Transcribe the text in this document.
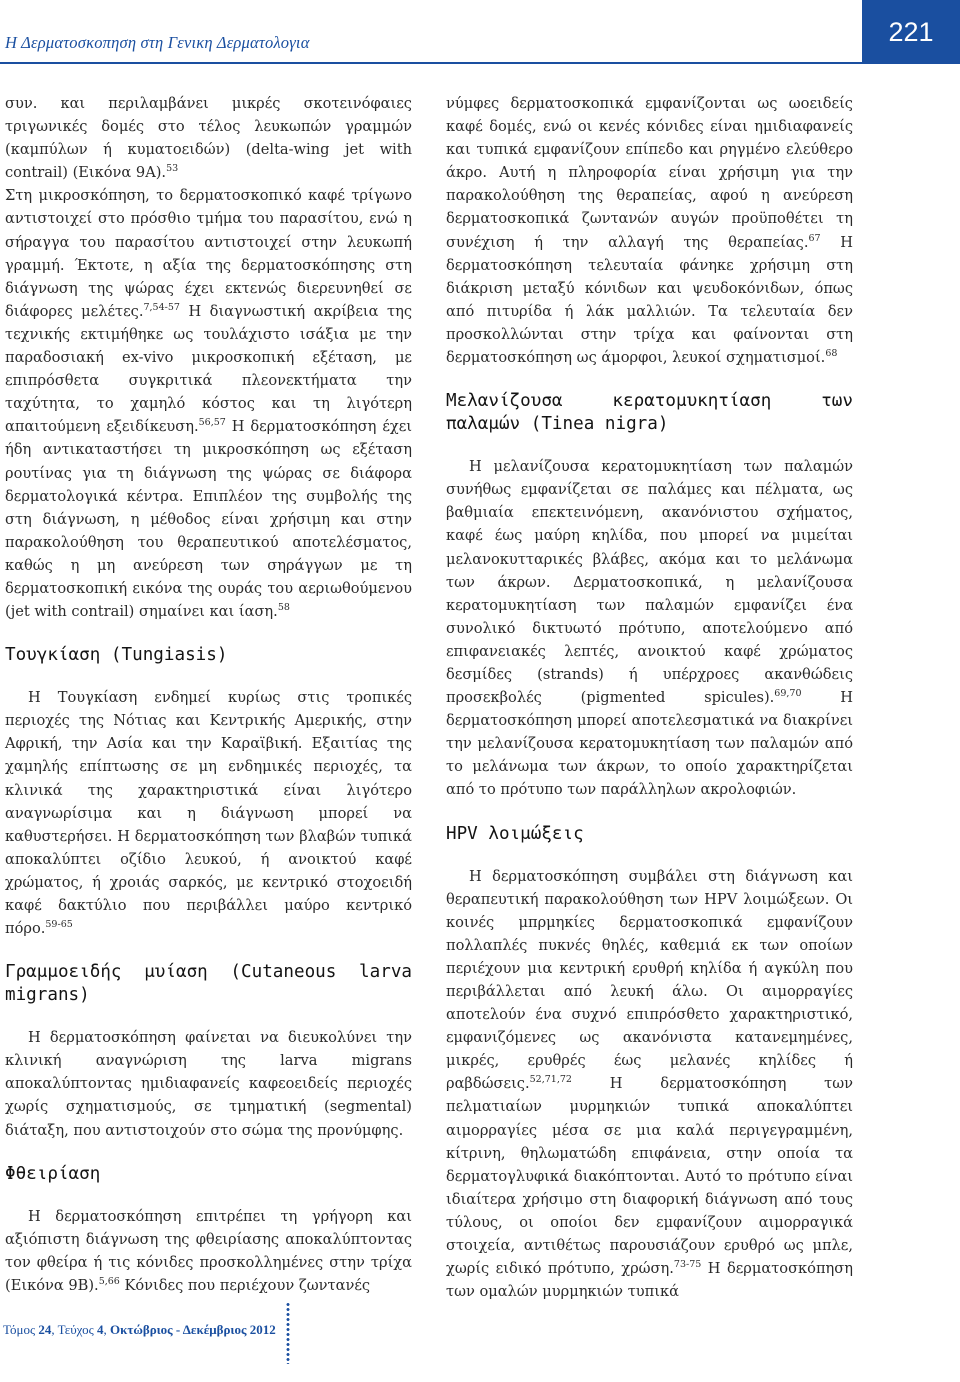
Η Δερματοσκοπηση στη Γενικη Δερματολογια	221

συν. και περιλαμβάνει μικρές σκοτεινόφαιες τριγωνικές δομές στο τέλος λευκωπών γραμμών (καμπύλων ή κυματοειδών) (delta-wing jet with contrail) (Εικόνα 9Α).$^{53}$

Στη μικροσκόπηση, το δερματοσκοπικό καφέ τρίγωνο αντιστοιχεί στο πρόσθιο τμήμα του παρασίτου, ενώ η σήραγγα του παρασίτου αντιστοιχεί στην λευκωπή γραμμή. Έκτοτε, η αξία της δερματοσκόπησης στη διάγνωση της ψώρας έχει εκτενώς διερευνηθεί σε διάφορες μελέτες.$^{7,54-57}$ Η διαγνωστική ακρίβεια της τεχνικής εκτιμήθηκε ως τουλάχιστο ισάξια με την παραδοσιακή ex-vivo μικροσκοπική εξέταση, με επιπρόσθετα συγκριτικά πλεονεκτήματα την ταχύτητα, το χαμηλό κόστος και τη λιγότερη απαιτούμενη εξειδίκευση.$^{56,57}$ Η δερματοσκόπηση έχει ήδη αντικαταστήσει τη μικροσκόπηση ως εξέταση ρουτίνας για τη διάγνωση της ψώρας σε διάφορα δερματολογικά κέντρα. Επιπλέον της συμβολής της στη διάγνωση, η μέθοδος είναι χρήσιμη και στην παρακολούθηση του θεραπευτικού αποτελέσματος, καθώς η μη ανεύρεση των σηράγγων με τη δερματοσκοπική εικόνα της ουράς του αεριωθούμενου (jet with contrail) σημαίνει και ίαση.$^{58}$

Τουγκίαση (Tungiasis)

Η Τουγκίαση ενδημεί κυρίως στις τροπικές περιοχές της Νότιας και Κεντρικής Αμερικής, στην Αφρική, την Ασία και την Καραϊβική. Εξαιτίας της χαμηλής επίπτωσης σε μη ενδημικές περιοχές, τα κλινικά της χαρακτηριστικά είναι λιγότερο αναγνωρίσιμα και η διάγνωση μπορεί να καθυστερήσει. Η δερματοσκόπηση των βλαβών τυπικά αποκαλύπτει οζίδιο λευκού, ή ανοικτού καφέ χρώματος, ή χροιάς σαρκός, με κεντρικό στοχοειδή καφέ δακτύλιο που περιβάλλει μαύρο κεντρικό πόρο.$^{59-65}$

Γραμμοειδής μυίαση (Cutaneous larva migrans)

Η δερματοσκόπηση φαίνεται να διευκολύνει την κλινική αναγνώριση της larva migrans αποκαλύπτοντας ημιδιαφανείς καφεοειδείς περιοχές χωρίς σχηματισμούς, σε τμηματική (segmental) διάταξη, που αντιστοιχούν στο σώμα της προνύμφης.

Φθειρίαση

Η δερματοσκόπηση επιτρέπει τη γρήγορη και αξιόπιστη διάγνωση της φθειρίασης αποκαλύπτοντας τον φθείρα ή τις κόνιδες προσκολλημένες στην τρίχα (Εικόνα 9Β).$^{5,66}$ Κόνιδες που περιέχουν ζωντανές

νύμφες δερματοσκοπικά εμφανίζονται ως ωοειδείς καφέ δομές, ενώ οι κενές κόνιδες είναι ημιδιαφανείς και τυπικά εμφανίζουν επίπεδο και ρηγμένο ελεύθερο άκρο. Αυτή η πληροφορία είναι χρήσιμη για την παρακολούθηση της θεραπείας, αφού η ανεύρεση δερματοσκοπικά ζωντανών αυγών προϋποθέτει τη συνέχιση ή την αλλαγή της θεραπείας.$^{67}$ Η δερματοσκόπηση τελευταία φάνηκε χρήσιμη στη διάκριση μεταξύ κόνιδων και ψευδοκόνιδων, όπως από πιτυρίδα ή λάκ μαλλιών. Τα τελευταία δεν προσκολλώνται στην τρίχα και φαίνονται στη δερματοσκόπηση ως άμορφοι, λευκοί σχηματισμοί.$^{68}$

Μελανίζουσα κερατομυκητίαση των παλαμών (Tinea nigra)

Η μελανίζουσα κερατομυκητίαση των παλαμών συνήθως εμφανίζεται σε παλάμες και πέλματα, ως βαθμιαία επεκτεινόμενη, ακανόνιστου σχήματος, καφέ έως μαύρη κηλίδα, που μπορεί να μιμείται μελανοκυτταρικές βλάβες, ακόμα και το μελάνωμα των άκρων. Δερματοσκοπικά, η μελανίζουσα κερατομυκητίαση των παλαμών εμφανίζει ένα συνολικό δικτυωτό πρότυπο, αποτελούμενο από επιφανειακές λεπτές, ανοικτού καφέ χρώματος δεσμίδες (strands) ή υπέρχροες ακανθώδεις προσεκβολές (pigmented spicules).$^{69,70}$ Η δερματοσκόπηση μπορεί αποτελεσματικά να διακρίνει την μελανίζουσα κερατομυκητίαση των παλαμών από το μελάνωμα των άκρων, το οποίο χαρακτηρίζεται από το πρότυπο των παράλληλων ακρολοφιών.

HPV λοιμώξεις

Η δερματοσκόπηση συμβάλει στη διάγνωση και θεραπευτική παρακολούθηση των HPV λοιμώξεων. Οι κοινές μπρμηκίες δερματοσκοπικά εμφανίζουν πολλαπλές πυκνές θηλές, καθεμιά εκ των οποίων περιέχουν μια κεντρική ερυθρή κηλίδα ή αγκύλη που περιβάλλεται από λευκή άλω. Οι αιμορραγίες αποτελούν ένα συχνό επιπρόσθετο χαρακτηριστικό, εμφανιζόμενες ως ακανόνιστα κατανεμημένες, μικρές, ερυθρές έως μελανές κηλίδες ή ραβδώσεις.$^{52,71,72}$ Η δερματοσκόπηση των πελματιαίων μυρμηκιών τυπικά αποκαλύπτει αιμορραγίες μέσα σε μια καλά περιγεγραμμένη, κίτρινη, θηλωματώδη επιφάνεια, στην οποία τα δερματογλυφικά διακόπτονται. Αυτό το πρότυπο είναι ιδιαίτερα χρήσιμο στη διαφορική διάγνωση από τους τύλους, οι οποίοι δεν εμφανίζουν αιμορραγικά στοιχεία, αντιθέτως παρουσιάζουν ερυθρό ως μπλε, χωρίς ειδικό πρότυπο, χρώση.$^{73-75}$ Η δερματοσκόπηση των ομαλών μυρμηκιών τυπικά

Τόμος 24, Τεύχος 4, Οκτώβριος - Δεκέμβριος 2012
